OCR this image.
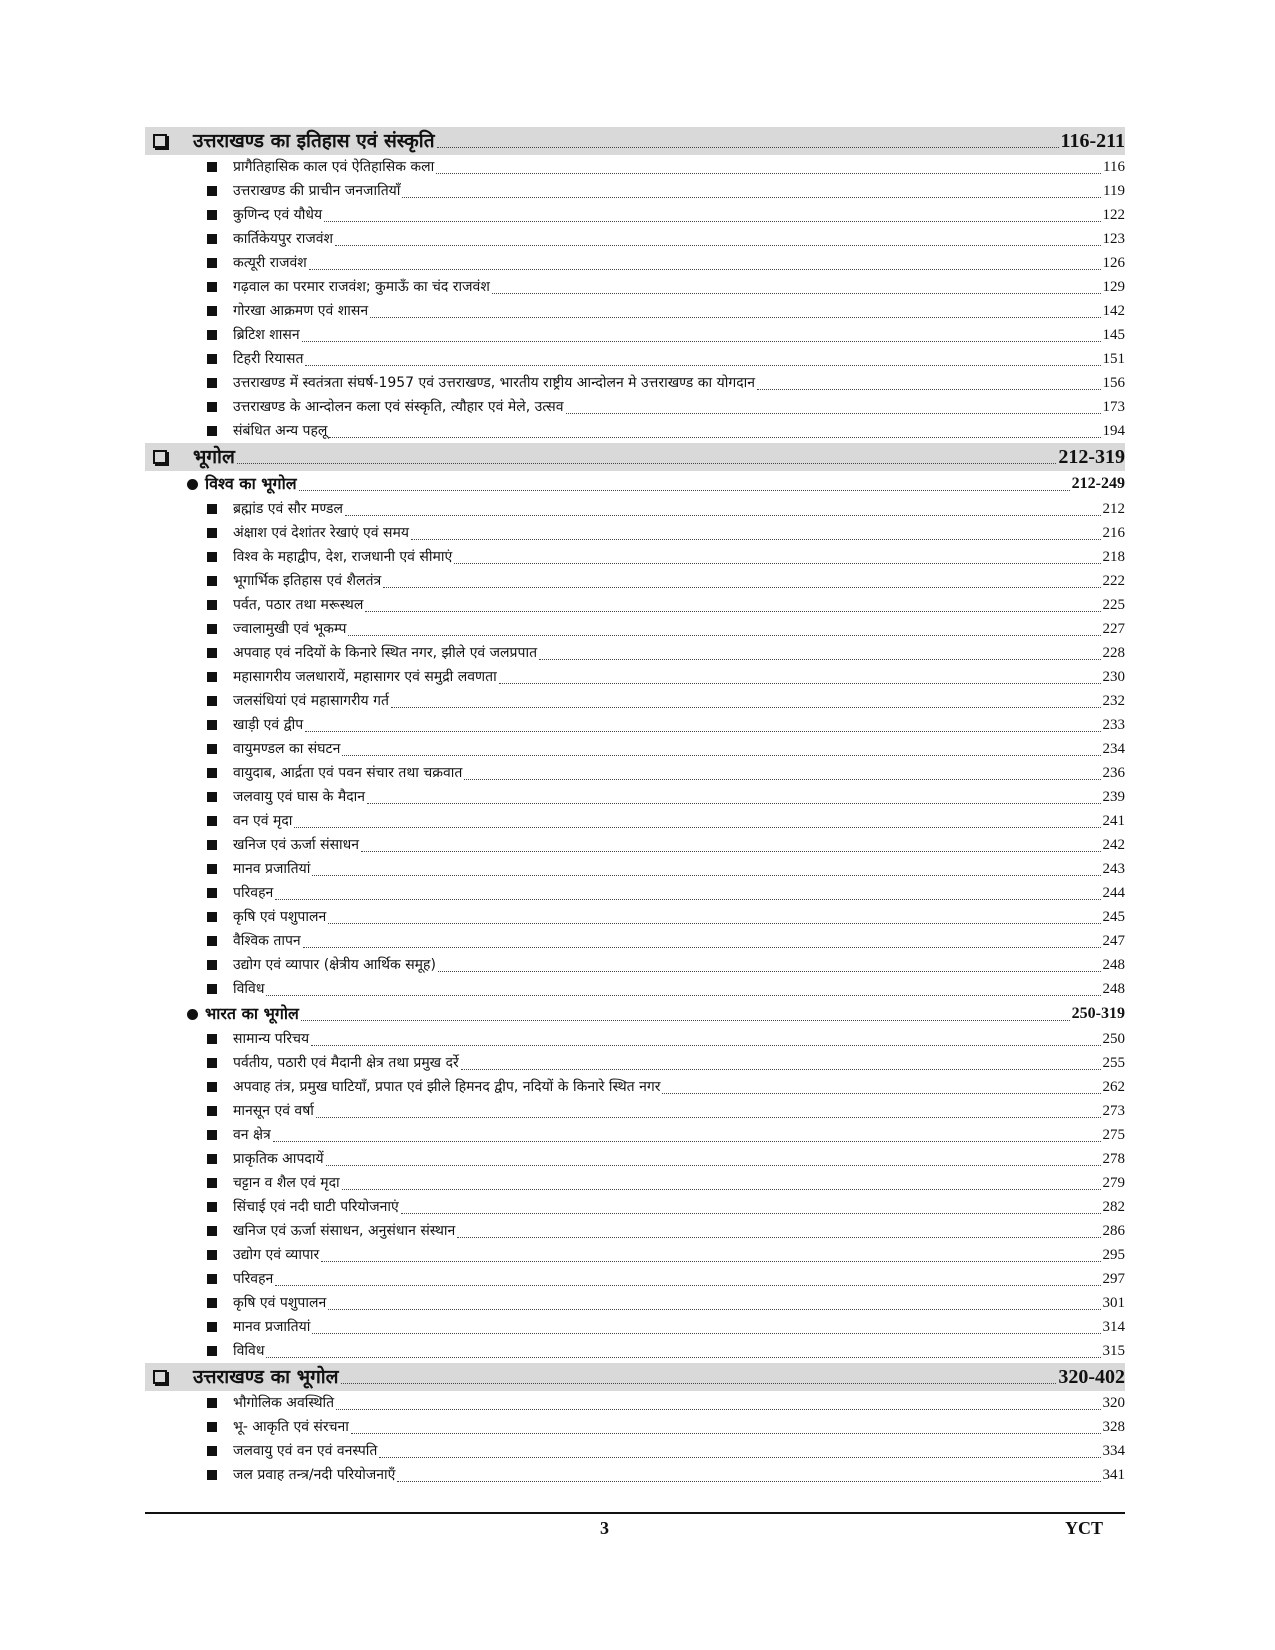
उत्तराखण्ड का इतिहास एवं संस्कृति	116-211
प्रागैतिहासिक काल एवं ऐतिहासिक कला	116
उत्तराखण्ड की प्राचीन जनजातियाँ	119
कुणिन्द एवं यौधेय	122
कार्तिकेयपुर राजवंश	123
कत्यूरी राजवंश	126
गढ़वाल का परमार राजवंश; कुमाऊँ का चंद राजवंश	129
गोरखा आक्रमण एवं शासन	142
ब्रिटिश शासन	145
टिहरी रियासत	151
उत्तराखण्ड में स्वतंत्रता संघर्ष-1957 एवं उत्तराखण्ड, भारतीय राष्ट्रीय आन्दोलन मे उत्तराखण्ड का योगदान	156
उत्तराखण्ड के आन्दोलन कला एवं संस्कृति, त्यौहार एवं मेले, उत्सव	173
संबंधित अन्य पहलू	194
भूगोल	212-319
विश्व का भूगोल	212-249
ब्रह्मांड एवं सौर मण्डल	212
अंक्षाश एवं देशांतर रेखाएं एवं समय	216
विश्व के महाद्वीप, देश, राजधानी एवं सीमाएं	218
भूगार्भिक इतिहास एवं शैलतंत्र	222
पर्वत, पठार तथा मरूस्थल	225
ज्वालामुखी एवं भूकम्प	227
अपवाह एवं नदियों के किनारे स्थित नगर, झीले एवं जलप्रपात	228
महासागरीय जलधारायें, महासागर एवं समुद्री लवणता	230
जलसंधियां एवं महासागरीय गर्त	232
खाड़ी एवं द्वीप	233
वायुमण्डल का संघटन	234
वायुदाब, आर्द्रता एवं पवन संचार तथा चक्रवात	236
जलवायु एवं घास के मैदान	239
वन एवं मृदा	241
खनिज एवं ऊर्जा संसाधन	242
मानव प्रजातियां	243
परिवहन	244
कृषि एवं पशुपालन	245
वैश्विक तापन	247
उद्योग एवं व्यापार (क्षेत्रीय आर्थिक समूह)	248
विविध	248
भारत का भूगोल	250-319
सामान्य परिचय	250
पर्वतीय, पठारी एवं मैदानी क्षेत्र तथा प्रमुख दर्रे	255
अपवाह तंत्र, प्रमुख घाटियाँ, प्रपात एवं झीले हिमनद द्वीप, नदियों के किनारे स्थित नगर	262
मानसून एवं वर्षा	273
वन क्षेत्र	275
प्राकृतिक आपदायें	278
चट्टान व शैल एवं मृदा	279
सिंचाई एवं नदी घाटी परियोजनाएं	282
खनिज एवं ऊर्जा संसाधन, अनुसंधान संस्थान	286
उद्योग एवं व्यापार	295
परिवहन	297
कृषि एवं पशुपालन	301
मानव प्रजातियां	314
विविध	315
उत्तराखण्ड का भूगोल	320-402
भौगोलिक अवस्थिति	320
भू- आकृति एवं संरचना	328
जलवायु एवं वन एवं वनस्पति	334
जल प्रवाह तन्त्र/नदी परियोजनाएँ	341
3	YCT
